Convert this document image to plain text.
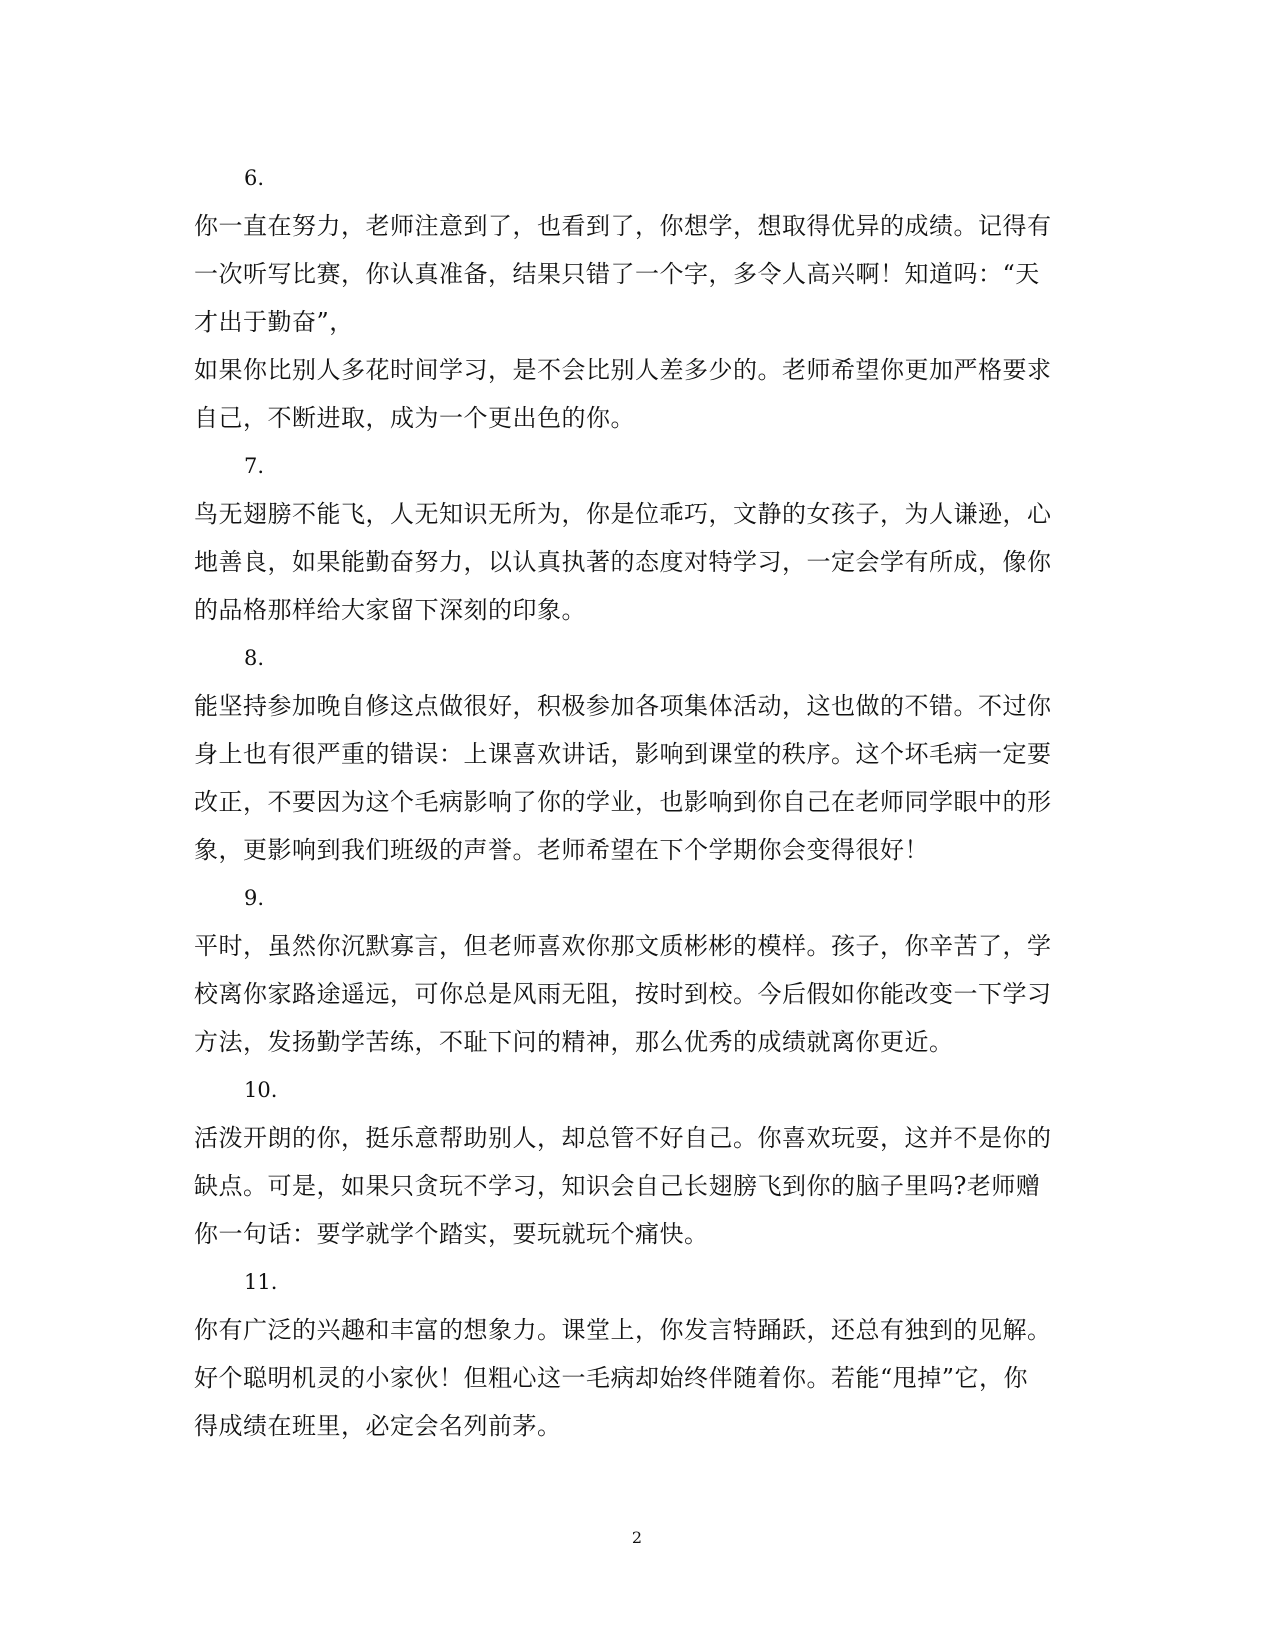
6.
你一直在努力，老师注意到了，也看到了，你想学，想取得优异的成绩。记得有
一次听写比赛，你认真准备，结果只错了一个字，多令人高兴啊！知道吗：“天
才出于勤奋”，
如果你比别人多花时间学习，是不会比别人差多少的。老师希望你更加严格要求
自己，不断进取，成为一个更出色的你。
7.
鸟无翅膀不能飞，人无知识无所为，你是位乖巧，文静的女孩子，为人谦逊，心
地善良，如果能勤奋努力，以认真执著的态度对特学习，一定会学有所成，像你
的品格那样给大家留下深刻的印象。
8.
能坚持参加晚自修这点做很好，积极参加各项集体活动，这也做的不错。不过你
身上也有很严重的错误：上课喜欢讲话，影响到课堂的秩序。这个坏毛病一定要
改正，不要因为这个毛病影响了你的学业，也影响到你自己在老师同学眼中的形
象，更影响到我们班级的声誉。老师希望在下个学期你会变得很好！
9.
平时，虽然你沉默寡言，但老师喜欢你那文质彬彬的模样。孩子，你辛苦了，学
校离你家路途遥远，可你总是风雨无阻，按时到校。今后假如你能改变一下学习
方法，发扬勤学苦练，不耻下问的精神，那么优秀的成绩就离你更近。
10.
活泼开朗的你，挺乐意帮助别人，却总管不好自己。你喜欢玩耍，这并不是你的
缺点。可是，如果只贪玩不学习，知识会自己长翅膀飞到你的脑子里吗?老师赠
你一句话：要学就学个踏实，要玩就玩个痛快。
11.
你有广泛的兴趣和丰富的想象力。课堂上，你发言特踊跃，还总有独到的见解。
好个聪明机灵的小家伙！但粗心这一毛病却始终伴随着你。若能“甩掉”它，你
得成绩在班里，必定会名列前茅。
2
